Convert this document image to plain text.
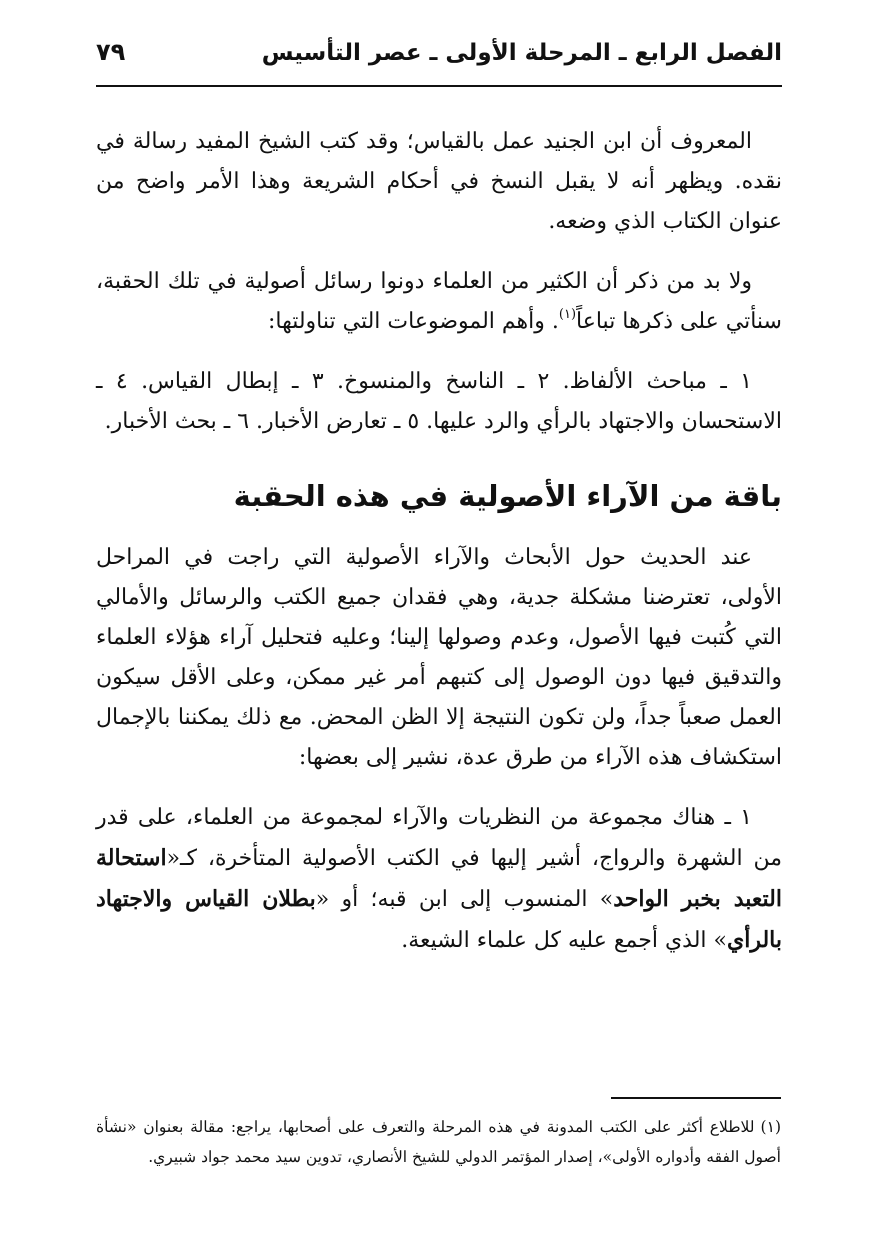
الفصل الرابع ـ المرحلة الأولى ـ عصر التأسيس
٧٩

المعروف أن ابن الجنيد عمل بالقياس؛ وقد كتب الشيخ المفيد رسالة في نقده. ويظهر أنه لا يقبل النسخ في أحكام الشريعة وهذا الأمر واضح من عنوان الكتاب الذي وضعه.

ولا بد من ذكر أن الكثير من العلماء دونوا رسائل أصولية في تلك الحقبة، سنأتي على ذكرها تباعاً$^{(١)}$. وأهم الموضوعات التي تناولتها:

١ ـ مباحث الألفاظ. ٢ ـ الناسخ والمنسوخ. ٣ ـ إبطال القياس. ٤ ـ الاستحسان والاجتهاد بالرأي والرد عليها. ٥ ـ تعارض الأخبار. ٦ ـ بحث الأخبار.

باقة من الآراء الأصولية في هذه الحقبة

عند الحديث حول الأبحاث والآراء الأصولية التي راجت في المراحل الأولى، تعترضنا مشكلة جدية، وهي فقدان جميع الكتب والرسائل والأمالي التي كُتبت فيها الأصول، وعدم وصولها إلينا؛ وعليه فتحليل آراء هؤلاء العلماء والتدقيق فيها دون الوصول إلى كتبهم أمر غير ممكن، وعلى الأقل سيكون العمل صعباً جداً، ولن تكون النتيجة إلا الظن المحض. مع ذلك يمكننا بالإجمال استكشاف هذه الآراء من طرق عدة، نشير إلى بعضها:

١ ـ هناك مجموعة من النظريات والآراء لمجموعة من العلماء، على قدر من الشهرة والرواج، أشير إليها في الكتب الأصولية المتأخرة، كـ«استحالة التعبد بخبر الواحد» المنسوب إلى ابن قبه؛ أو «بطلان القياس والاجتهاد بالرأي» الذي أجمع عليه كل علماء الشيعة.

(١)للاطلاع أكثر على الكتب المدونة في هذه المرحلة والتعرف على أصحابها، يراجع: مقالة بعنوان «نشأة أصول الفقه وأدواره الأولى»، إصدار المؤتمر الدولي للشيخ الأنصاري، تدوين سيد محمد جواد شبيري.
